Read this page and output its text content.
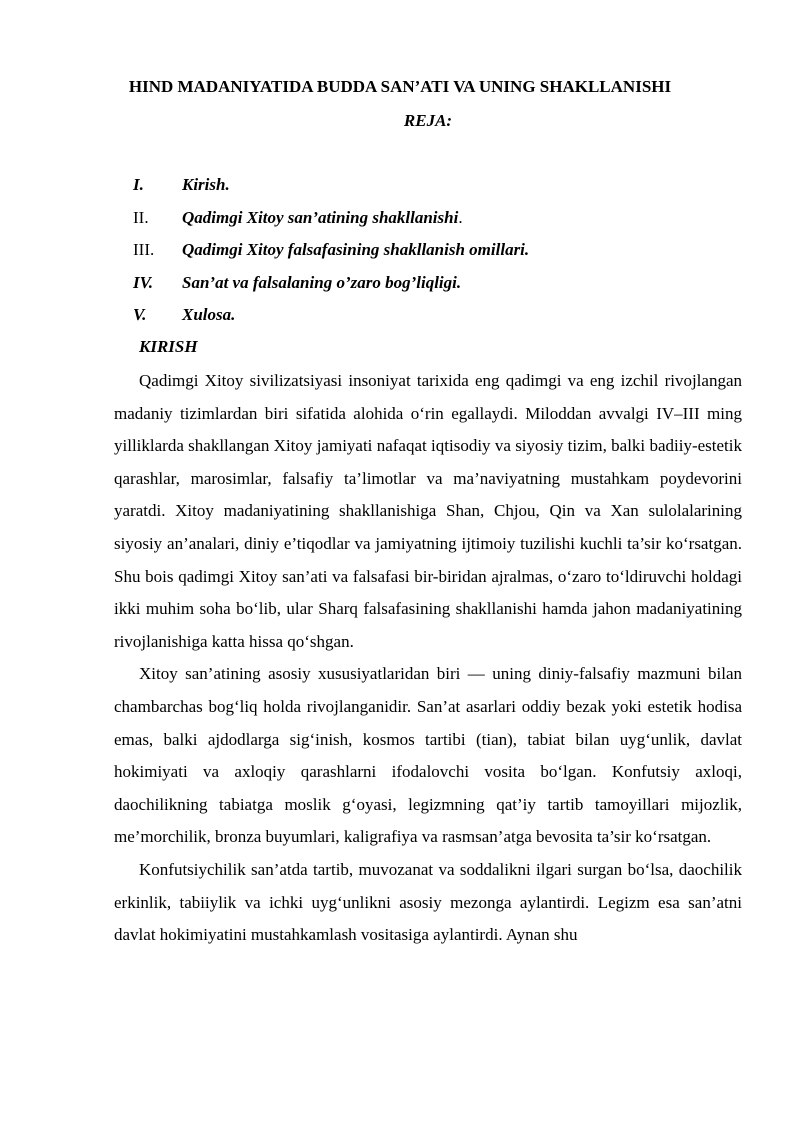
HIND MADANIYATIDA BUDDA SAN’ATI VA UNING SHAKLLANISHI
REJA:
I. Kirish.
II. Qadimgi Xitoy san’atining shakllanishi.
III. Qadimgi Xitoy falsafasining shakllanish omillari.
IV. San’at va falsalaning o’zaro bog’liqligi.
V. Xulosa.
KIRISH

Qadimgi Xitoy sivilizatsiyasi insoniyat tarixida eng qadimgi va eng izchil rivojlangan madaniy tizimlardan biri sifatida alohida o‘rin egallaydi. Miloddan avvalgi IV–III ming yilliklarda shakllangan Xitoy jamiyati nafaqat iqtisodiy va siyosiy tizim, balki badiiy-estetik qarashlar, marosimlar, falsafiy ta’limotlar va ma’naviyatning mustahkam poydevorini yaratdi. Xitoy madaniyatining shakllanishiga Shan, Chjou, Qin va Xan sulolalarining siyosiy an’analari, diniy e’tiqodlar va jamiyatning ijtimoiy tuzilishi kuchli ta’sir ko‘rsatgan. Shu bois qadimgi Xitoy san’ati va falsafasi bir-biridan ajralmas, o‘zaro to‘ldiruvchi holdagi ikki muhim soha bo‘lib, ular Sharq falsafasining shakllanishi hamda jahon madaniyatining rivojlanishiga katta hissa qo‘shgan.

Xitoy san’atining asosiy xususiyatlaridan biri — uning diniy-falsafiy mazmuni bilan chambarchas bog‘liq holda rivojlanganidir. San’at asarlari oddiy bezak yoki estetik hodisa emas, balki ajdodlarga sig‘inish, kosmos tartibi (tian), tabiat bilan uyg‘unlik, davlat hokimiyati va axloqiy qarashlarni ifodalovchi vosita bo‘lgan. Konfutsiy axloqi, daochilikning tabiatga moslik g‘oyasi, legizmning qat’iy tartib tamoyillari mijozlik, me’morchilik, bronza buyumlari, kaligrafiya va rasmsan’atga bevosita ta’sir ko‘rsatgan.

Konfutsiychilik san’atda tartib, muvozanat va soddalikni ilgari surgan bo‘lsa, daochilik erkinlik, tabiiylik va ichki uyg‘unlikni asosiy mezonga aylantirdi. Legizm esa san’atni davlat hokimiyatini mustahkamlash vositasiga aylantirdi. Aynan shu
